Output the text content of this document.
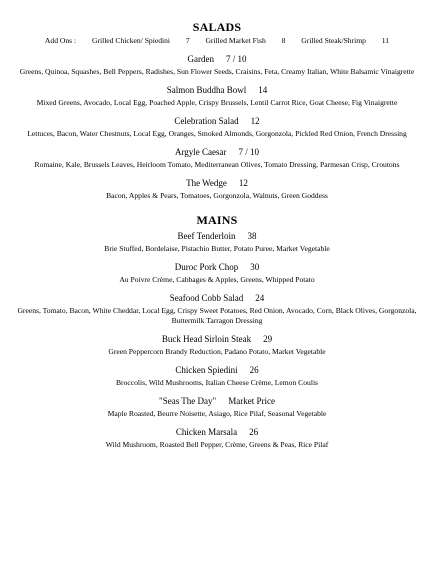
SALADS

Add Ons : Grilled Chicken/ Spiedini 7 Grilled Market Fish 8 Grilled Steak/Shrimp 11

Garden 7 / 10

Greens, Quinoa, Squashes, Bell Peppers, Radishes, Sun Flower Seeds, Craisins, Feta, Creamy Italian, White Balsamic Vinaigrette

Salmon Buddha Bowl 14

Mixed Greens, Avocado, Local Egg, Poached Apple, Crispy Brussels, Lentil Carrot Rice, Goat Cheese, Fig Vinaigrette

Celebration Salad 12

Lettuces, Bacon, Water Chestnuts, Local Egg, Oranges, Smoked Almonds, Gorgonzola, Pickled Red Onion, French Dressing

Argyle Caesar 7 / 10

Romaine, Kale, Brussels Leaves, Heirloom Tomato, Mediterranean Olives, Tomato Dressing, Parmesan Crisp, Croutons

The Wedge 12

Bacon, Apples & Pears, Tomatoes, Gorgonzola, Walnuts, Green Goddess

MAINS

Beef Tenderloin 38

Brie Stuffed, Bordelaise, Pistachio Butter, Potato Puree, Market Vegetable

Duroc Pork Chop 30

Au Poivre Crème, Cabbages & Apples, Greens, Whipped Potato

Seafood Cobb Salad 24

Greens, Tomato, Bacon, White Cheddar, Local Egg, Crispy Sweet Potatoes, Red Onion, Avocado, Corn, Black Olives, Gorgonzola, Buttermilk Tarragon Dressing

Buck Head Sirloin Steak 29

Green Peppercorn Brandy Reduction, Padano Potato, Market Vegetable

Chicken Spiedini 26

Broccolis, Wild Mushrooms, Italian Cheese Crème, Lemon Coulis

"Seas The Day" Market Price

Maple Roasted, Beurre Noisette, Asiago, Rice Pilaf, Seasonal Vegetable

Chicken Marsala 26

Wild Mushroom, Roasted Bell Pepper, Crème, Greens & Peas, Rice Pilaf
